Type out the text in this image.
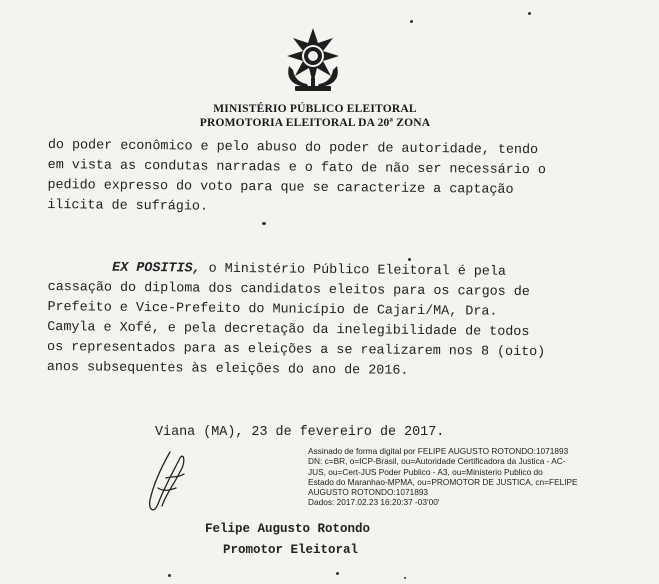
MINISTÉRIO PÚBLICO ELEITORAL
PROMOTORIA ELEITORAL DA 20ª ZONA
do poder econômico e pelo abuso do poder de autoridade, tendo
em vista as condutas narradas e o fato de não ser necessário o
pedido expresso do voto para que se caracterize a captação
ilícita de sufrágio.
EX POSITIS, o Ministério Público Eleitoral é pela
cassação do diploma dos candidatos eleitos para os cargos de
Prefeito e Vice-Prefeito do Município de Cajari/MA, Dra.
Camyla e Xofé, e pela decretação da inelegibilidade de todos
os representados para as eleições a se realizarem nos 8 (oito)
anos subsequentes às eleições do ano de 2016.
Viana (MA), 23 de fevereiro de 2017.
Assinado de forma digital por FELIPE AUGUSTO ROTONDO:1071893
DN: c=BR, o=ICP-Brasil, ou=Autoridade Certificadora da Justica - AC-
JUS, ou=Cert-JUS Poder Publico - A3, ou=Ministerio Publico do
Estado do Maranhao-MPMA, ou=PROMOTOR DE JUSTICA, cn=FELIPE
AUGUSTO ROTONDO:1071893
Dados: 2017.02.23 16:20:37 -03'00'
Felipe Augusto Rotondo
Promotor Eleitoral
